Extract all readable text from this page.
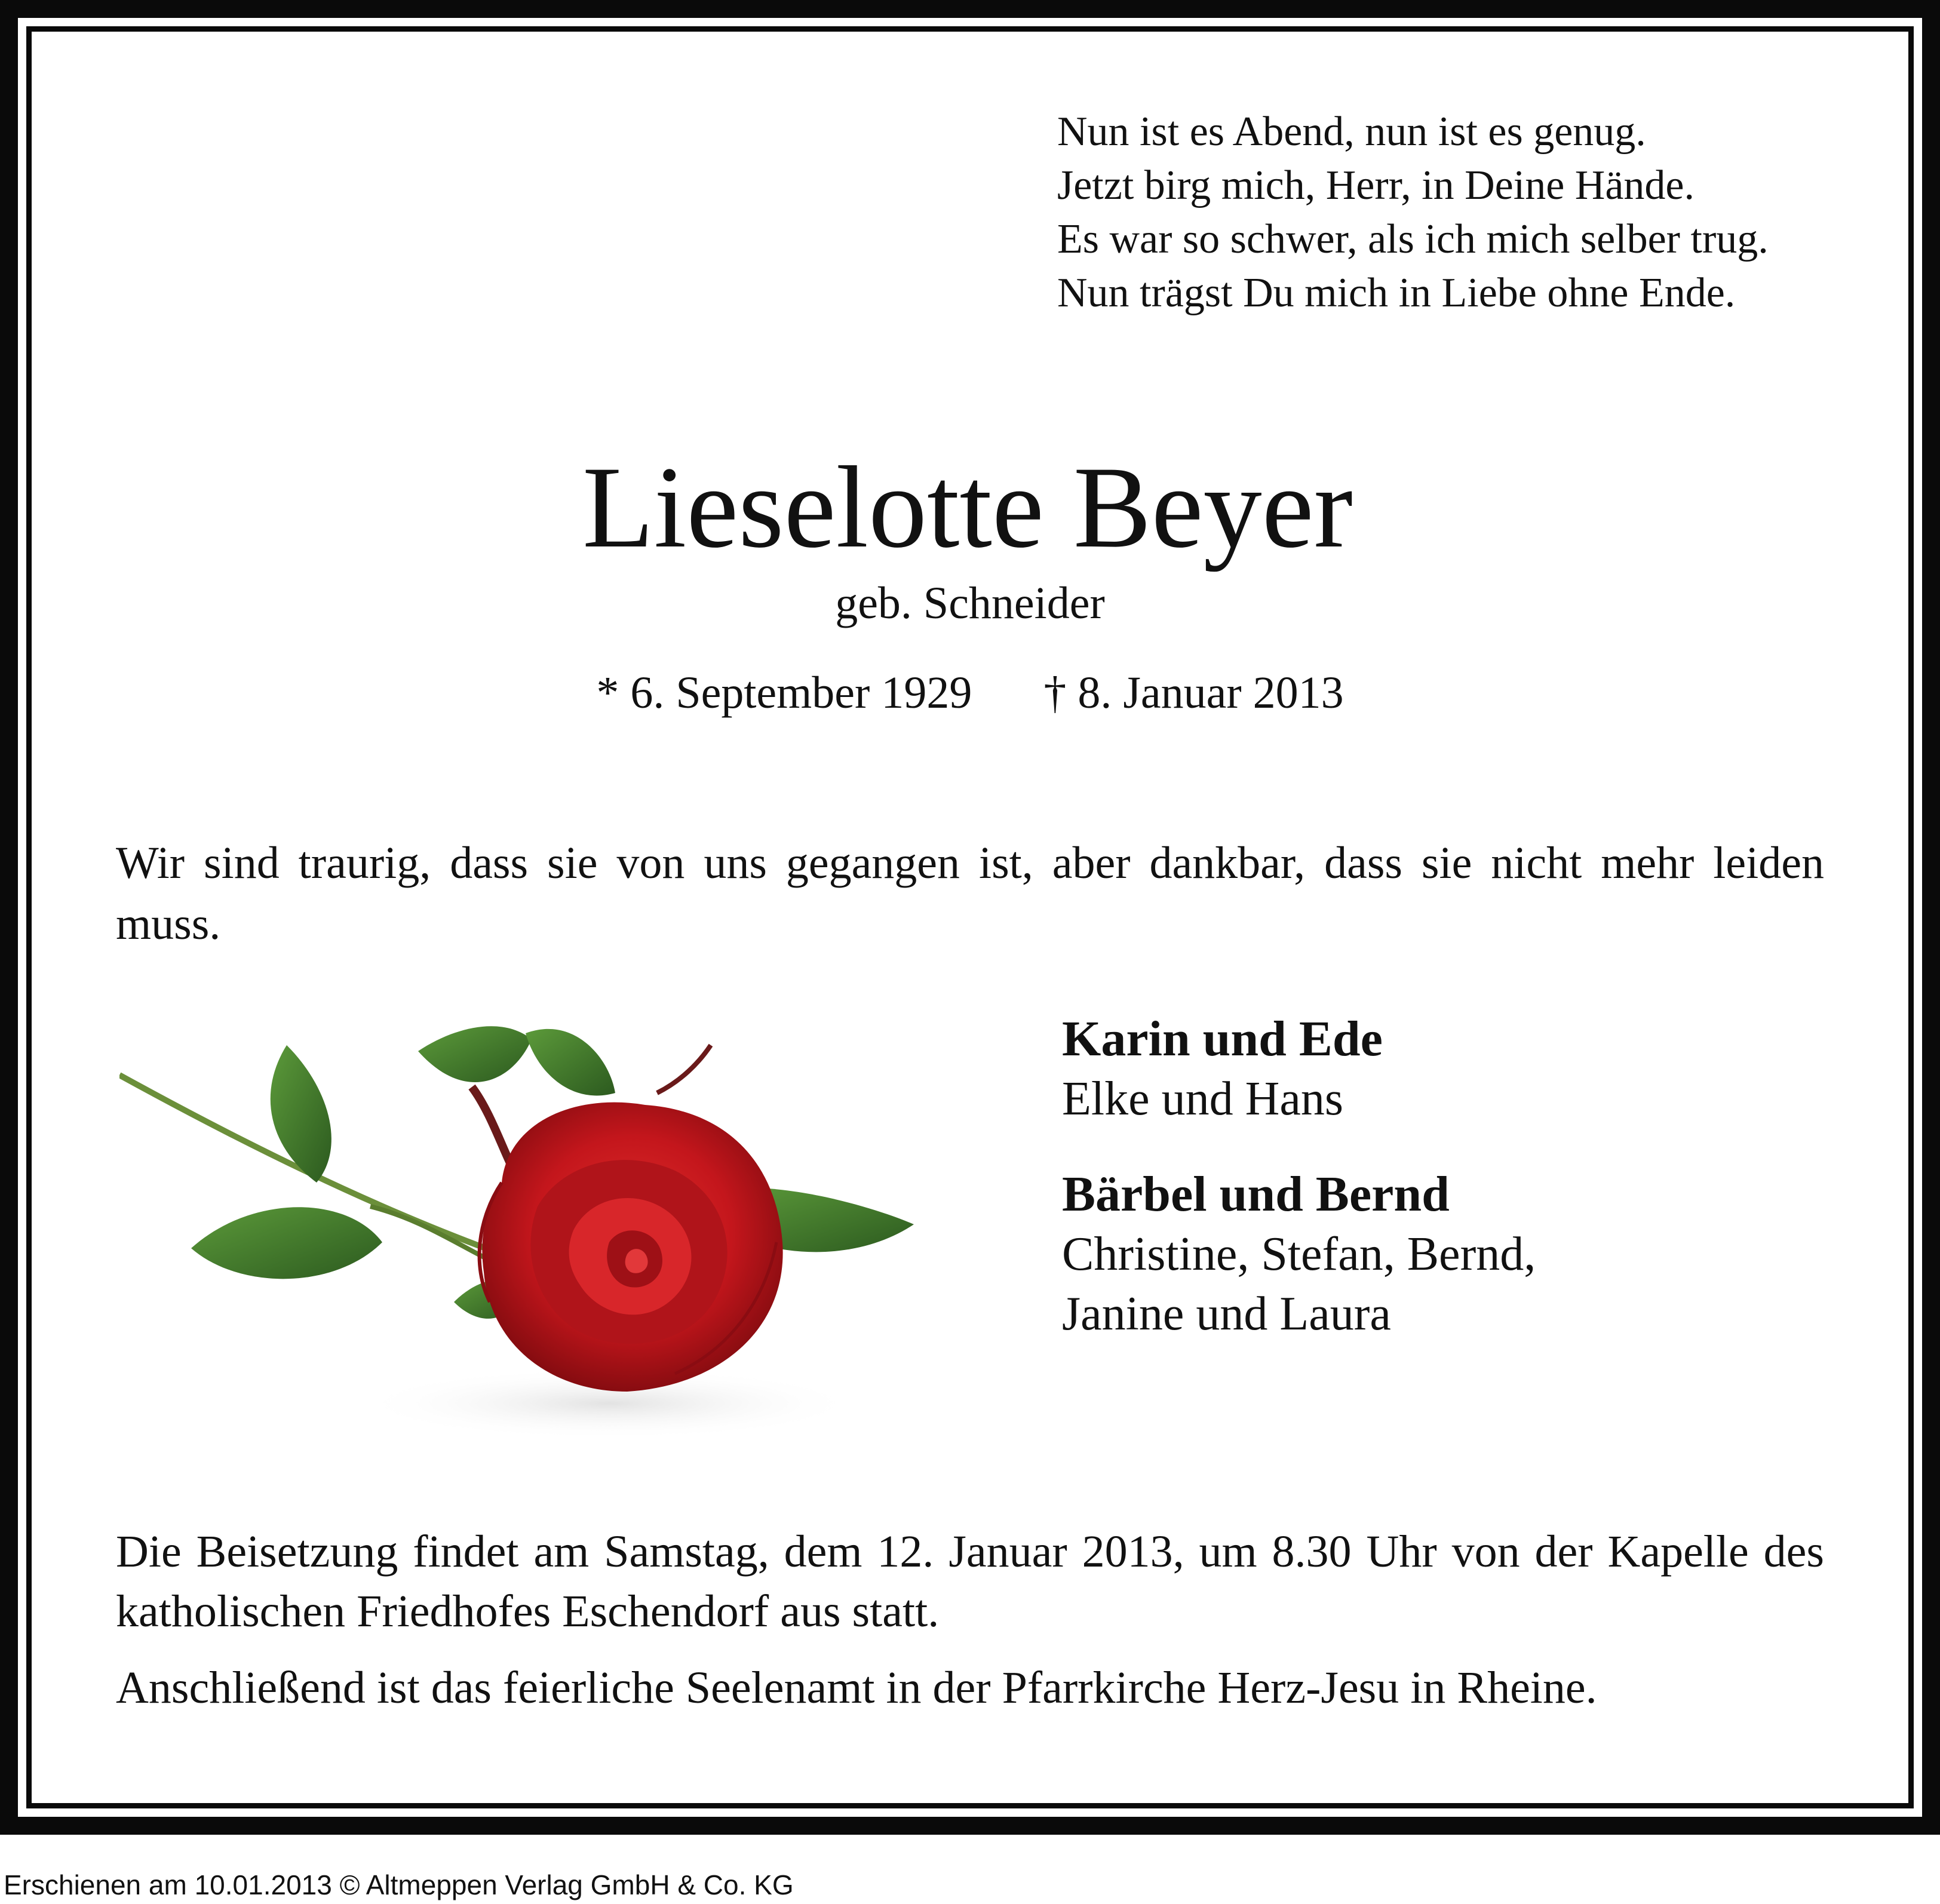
Nun ist es Abend, nun ist es genug.
Jetzt birg mich, Herr, in Deine Hände.
Es war so schwer, als ich mich selber trug.
Nun trägst Du mich in Liebe ohne Ende.
Lieselotte Beyer
geb. Schneider
* 6. September 1929 † 8. Januar 2013
Wir sind traurig, dass sie von uns gegangen ist, aber dankbar, dass sie nicht mehr leiden muss.
Karin und Ede
Elke und Hans
Bärbel und Bernd
Christine, Stefan, Bernd,
Janine und Laura
Die Beisetzung findet am Samstag, dem 12. Januar 2013, um 8.30 Uhr von der Kapelle des katholischen Friedhofes Eschendorf aus statt.
Anschließend ist das feierliche Seelenamt in der Pfarrkirche Herz-Jesu in Rheine.
Erschienen am 10.01.2013 © Altmeppen Verlag GmbH & Co. KG
